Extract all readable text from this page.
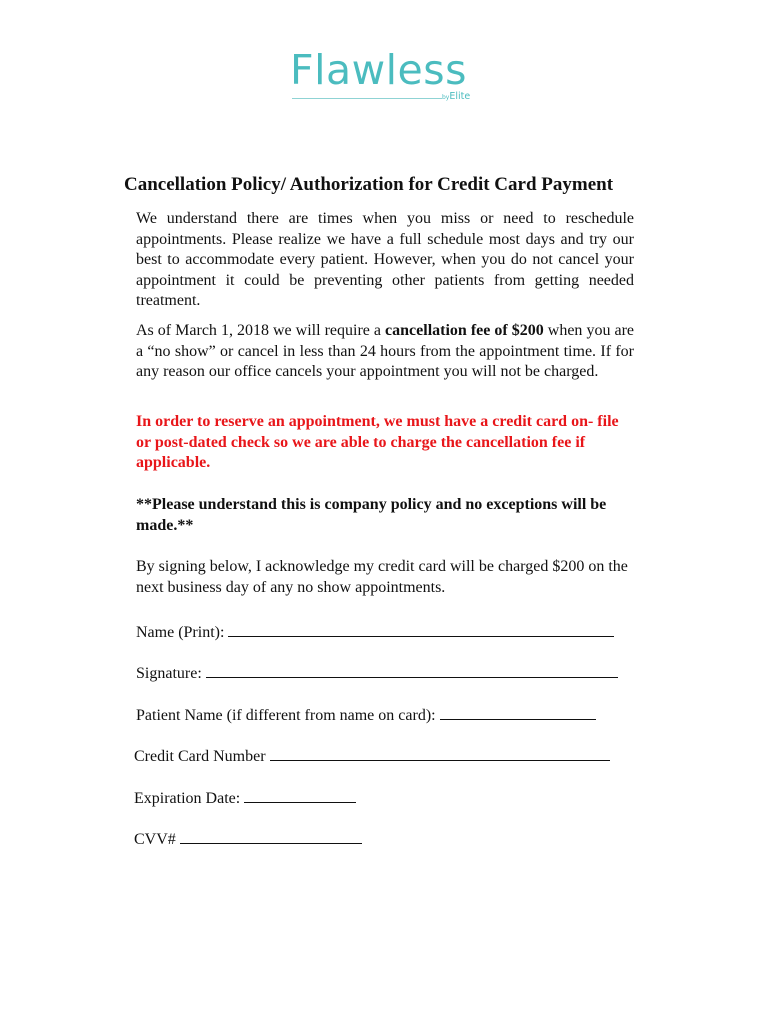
Flawless
byElite
Cancellation Policy/ Authorization for Credit Card Payment

We understand there are times when you miss or need to reschedule appointments. Please realize we have a full schedule most days and try our best to accommodate every patient. However, when you do not cancel your appointment it could be preventing other patients from getting needed treatment.

As of March 1, 2018 we will require a cancellation fee of $200 when you are a “no show” or cancel in less than 24 hours from the appointment time. If for any reason our office cancels your appointment you will not be charged.

In order to reserve an appointment, we must have a credit card on- file or post-dated check so we are able to charge the cancellation fee if applicable.

**Please understand this is company policy and no exceptions will be made.**

By signing below, I acknowledge my credit card will be charged $200 on the next business day of any no show appointments.

Name (Print):
Signature:
Patient Name (if different from name on card):
Credit Card Number
Expiration Date:
CVV#
